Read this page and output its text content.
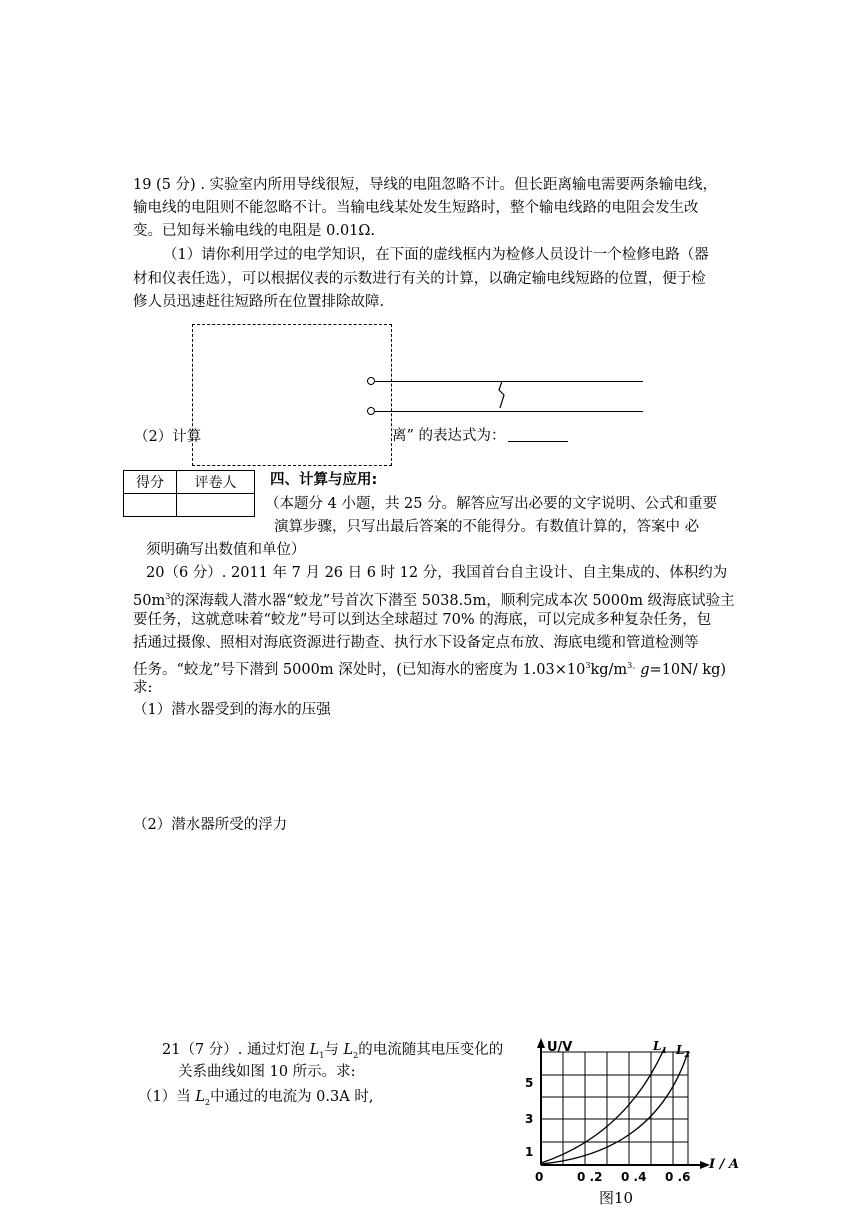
19 (5 分) . 实验室内所用导线很短，导线的电阻忽略不计。但长距离输电需要两条输电线，
输电线的电阻则不能忽略不计。当输电线某处发生短路时，整个输电线路的电阻会发生改
变。已知每米输电线的电阻是 0.01Ω.
（1）请你利用学过的电学知识，在下面的虚线框内为检修人员设计一个检修电路（器
材和仪表任选），可以根据仪表的示数进行有关的计算，以确定输电线短路的位置，便于检
修人员迅速赶往短路所在位置排除故障.
（2）计算	离” 的表达式为：
得分	评卷人
	四、计算与应用:
（本题分 4 小题，共 25 分。解答应写出必要的文字说明、公式和重要
演算步骤，只写出最后答案的不能得分。有数值计算的，答案中 必
须明确写出数值和单位）
20（6 分）. 2011 年 7 月 26 日 6 时 12 分，我国首台自主设计、自主集成的、体积约为
$50m^3$的深海载人潜水器“蛟龙”号首次下潜至 5038.5m，顺利完成本次 5000m 级海底试验主
要任务，这就意味着“蛟龙”号可以到达全球超过 70% 的海底，可以完成多种复杂任务，包
括通过摄像、照相对海底资源进行勘查、执行水下设备定点布放、海底电缆和管道检测等
任务。“蛟龙”号下潜到 5000m 深处时，(已知海水的密度为 $1.03\times 10^3kg/m^{3、}g=10N/$ kg)
求:
（1）潜水器受到的海水的压强
（2）潜水器所受的浮力
21（7 分）. 通过灯泡 $L_1$与 $L_2$的电流随其电压变化的
关系曲线如图 10 所示。求:
（1）当 $L_2$中通过的电流为 0.3A 时,
U/V
I / A
$L_1$ $L_2$
5
3
1
0	0 .2 0 .4 0 .6
图10
